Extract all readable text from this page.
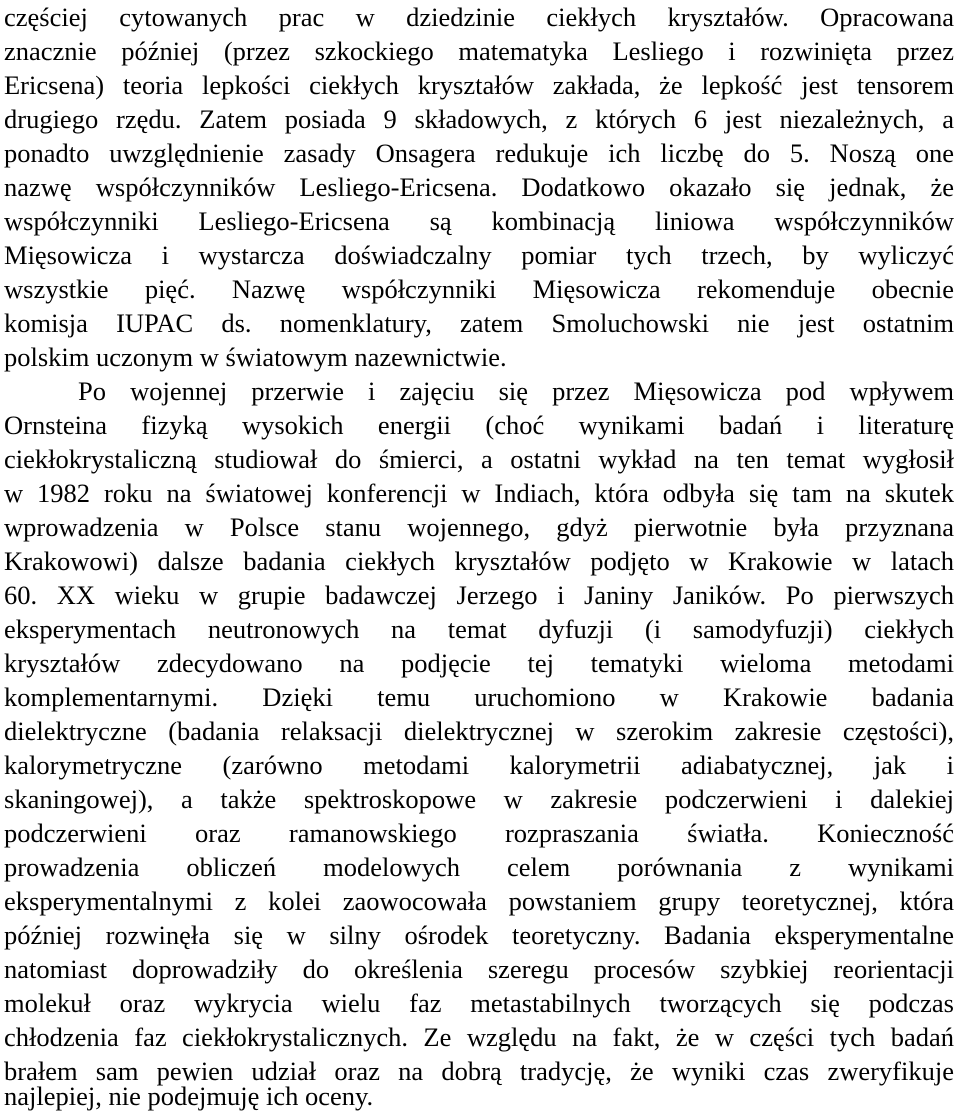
częściej cytowanych prac w dziedzinie ciekłych kryształów. Opracowana
znacznie później (przez szkockiego matematyka Lesliego i rozwinięta przez
Ericsena) teoria lepkości ciekłych kryształów zakłada, że lepkość jest tensorem
drugiego rzędu. Zatem posiada 9 składowych, z których 6 jest niezależnych, a
ponadto uwzględnienie zasady Onsagera redukuje ich liczbę do 5. Noszą one
nazwę współczynników Lesliego-Ericsena. Dodatkowo okazało się jednak, że
współczynniki Lesliego-Ericsena są kombinacją liniowa współczynników
Mięsowicza i wystarcza doświadczalny pomiar tych trzech, by wyliczyć
wszystkie pięć. Nazwę współczynniki Mięsowicza rekomenduje obecnie
komisja IUPAC ds. nomenklatury, zatem Smoluchowski nie jest ostatnim
polskim uczonym w światowym nazewnictwie.
Po wojennej przerwie i zajęciu się przez Mięsowicza pod wpływem
Ornsteina fizyką wysokich energii (choć wynikami badań i literaturę
ciekłokrystaliczną studiował do śmierci, a ostatni wykład na ten temat wygłosił
w 1982 roku na światowej konferencji w Indiach, która odbyła się tam na skutek
wprowadzenia w Polsce stanu wojennego, gdyż pierwotnie była przyznana
Krakowowi) dalsze badania ciekłych kryształów podjęto w Krakowie w latach
60. XX wieku w grupie badawczej Jerzego i Janiny Janików. Po pierwszych
eksperymentach neutronowych na temat dyfuzji (i samodyfuzji) ciekłych
kryształów zdecydowano na podjęcie tej tematyki wieloma metodami
komplementarnymi. Dzięki temu uruchomiono w Krakowie badania
dielektryczne (badania relaksacji dielektrycznej w szerokim zakresie częstości),
kalorymetryczne (zarówno metodami kalorymetrii adiabatycznej, jak i
skaningowej), a także spektroskopowe w zakresie podczerwieni i dalekiej
podczerwieni oraz ramanowskiego rozpraszania światła. Konieczność
prowadzenia obliczeń modelowych celem porównania z wynikami
eksperymentalnymi z kolei zaowocowała powstaniem grupy teoretycznej, która
później rozwinęła się w silny ośrodek teoretyczny. Badania eksperymentalne
natomiast doprowadziły do określenia szeregu procesów szybkiej reorientacji
molekuł oraz wykrycia wielu faz metastabilnych tworzących się podczas
chłodzenia faz ciekłokrystalicznych. Ze względu na fakt, że w części tych badań
brałem sam pewien udział oraz na dobrą tradycję, że wyniki czas zweryfikuje
najlepiej, nie podejmuję ich oceny.
